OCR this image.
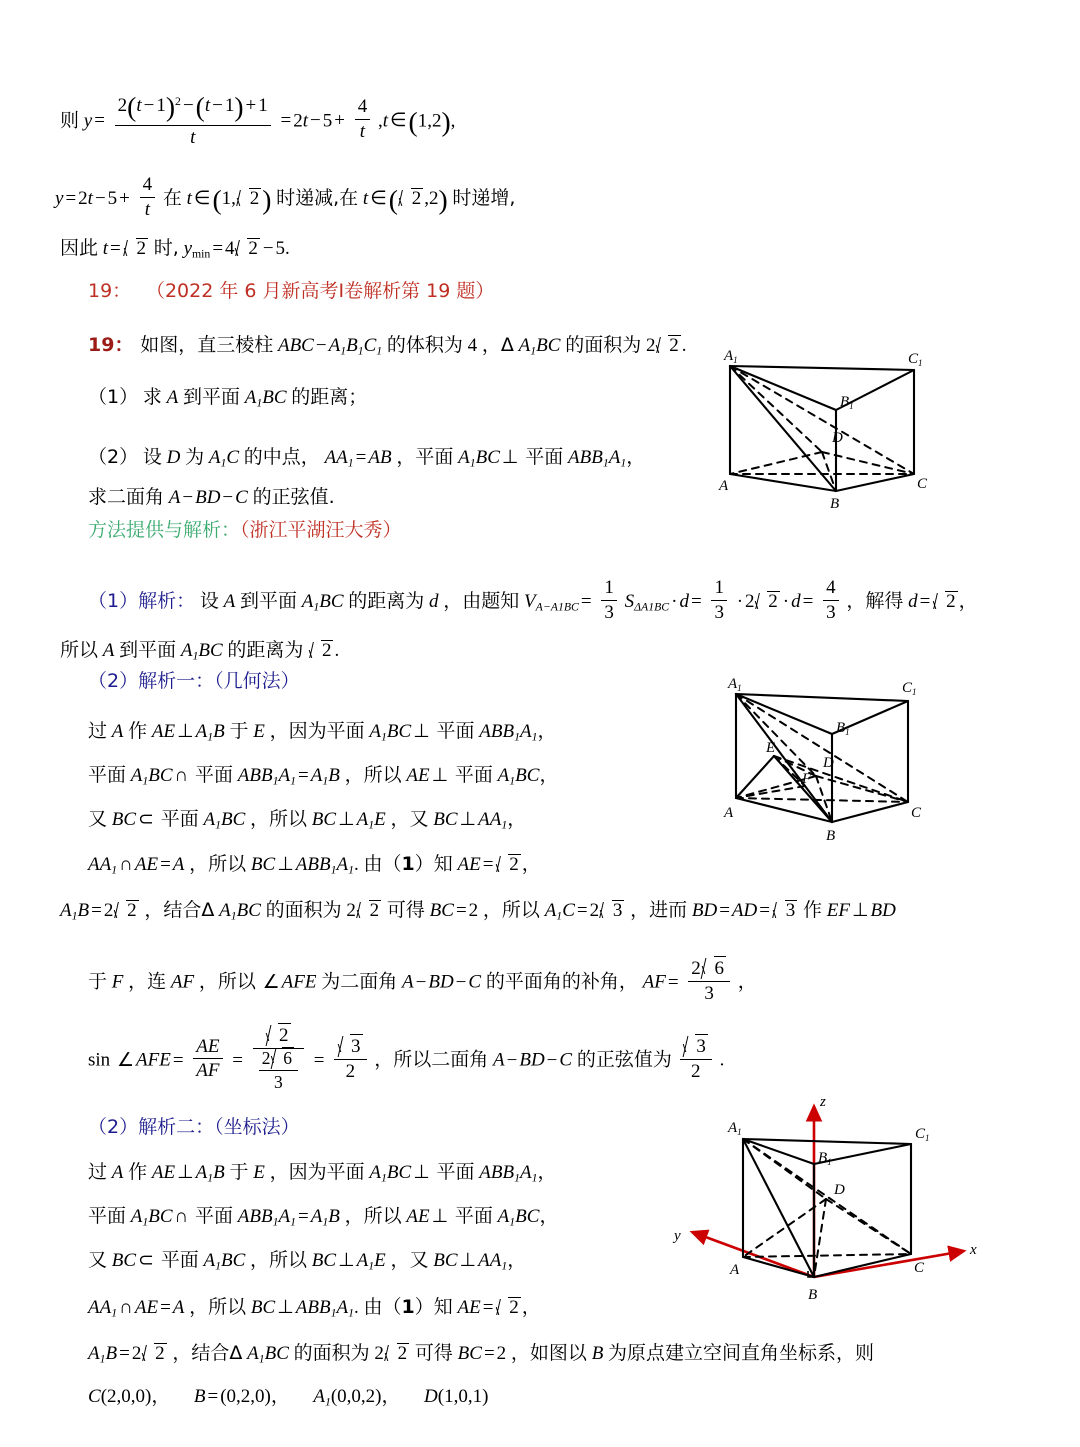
则 $y = \frac{2(t - 1)^2 -(t - 1) + 1}{t} = 2t - 5 + \frac{4}{t} ,t$ ∈(1,2),
$y = 2t - 5 + \frac{4}{t}$ 在 t ∈(1, 2 ) 时递减,在 t ∈( 2 ,2) 时递增,
因此 t = 2 时, $y_{min} = 4$ 2 − 5.
19： （2022 年 6 月新高考Ⅰ卷解析第 19 题）
19： 如图，直三棱柱 ABC − $A_1B_1C_1$ 的体积为 4 ，Δ $A_1BC$ 的面积为 2 2 .
（1） 求 A 到平面 $A_1BC$ 的距离；
（2） 设 D 为 $A_1C$ 的中点， $AA_1$ = AB ，平面 $A_1BC$ ⊥ 平面 $ABB_1A_1$，
求二面角 A − BD − C 的正弦值.
方法提供与解析：（浙江平湖汪大秀）
$A_1$	$C_1$
$B_1$
D
A
B
C
（1）解析： 设 A 到平面 $A_1BC$ 的距离为 d ，由题知 $V_{A-A1BC} = \frac{1}{3} S_{\Delta A1BC} \cdot d = \frac{1}{3} \cdot 2$ $2 \cdot d = \frac{4}{3}$ ，解得 d = 2 ，
所以 A 到平面 $A_1BC$ 的距离为 2 .
（2）解析一：（几何法）
过 A 作 AE ⊥ $A_1B$ 于 E ，因为平面 $A_1BC$ ⊥ 平面 $ABB_1A_1$，
平面 $A_1BC$ ∩ 平面 $ABB_1A_1 = A_1B$ ，所以 AE ⊥ 平面 $A_1BC$，
又 BC ⊂ 平面 $A_1BC$ ，所以 BC ⊥ $A_1E$ ，又 BC ⊥ $AA_1$，
$AA_1$ ∩ AE = A ，所以 BC ⊥ $ABB_1A_1$. 由（1）知 AE = 2 ，
$A_1B = 2$ 2 ，结合Δ $A_1BC$ 的面积为 2 2 可得 BC = 2 ，所以 $A_1C = 2$ 3 ，进而 BD = AD = 3 作 EF ⊥ BD
于 F ，连 AF ，所以 ∠ AFE 为二面角 A − BD − C 的平面角的补角， AF = $\frac{2 6}{3}$ ，
sin ∠ AFE = $\frac{AE}{AF} = \frac{2}{\frac{2 6}{3}} = \frac{3}{2}$ ，所以二面角 A − BD − C 的正弦值为 $\frac{3}{2}$ .
$A_1$	$C_1$
$B_1$
D
E
F
A
B
C
（2）解析二：（坐标法）
过 A 作 AE ⊥ $A_1B$ 于 E ，因为平面 $A_1BC$ ⊥ 平面 $ABB_1A_1$，
平面 $A_1BC$ ∩ 平面 $ABB_1A_1 = A_1B$ ，所以 AE ⊥ 平面 $A_1BC$，
又 BC ⊂ 平面 $A_1BC$ ，所以 BC ⊥ $A_1E$ ，又 BC ⊥ $AA_1$，
$AA_1$ ∩ AE = A ，所以 BC ⊥ $ABB_1A_1$. 由（1）知 AE = 2 ，
$A_1B = 2$ 2 ，结合Δ $A_1BC$ 的面积为 2 2 可得 BC = 2 ，如图以 B 为原点建立空间直角坐标系，则
C(2,0,0)， B = (0,2,0)， $A_1(0,0,2)$， D(1,0,1)
$A_1$
$B_1$
$C_1$
D
A
B
C
z
y
x
